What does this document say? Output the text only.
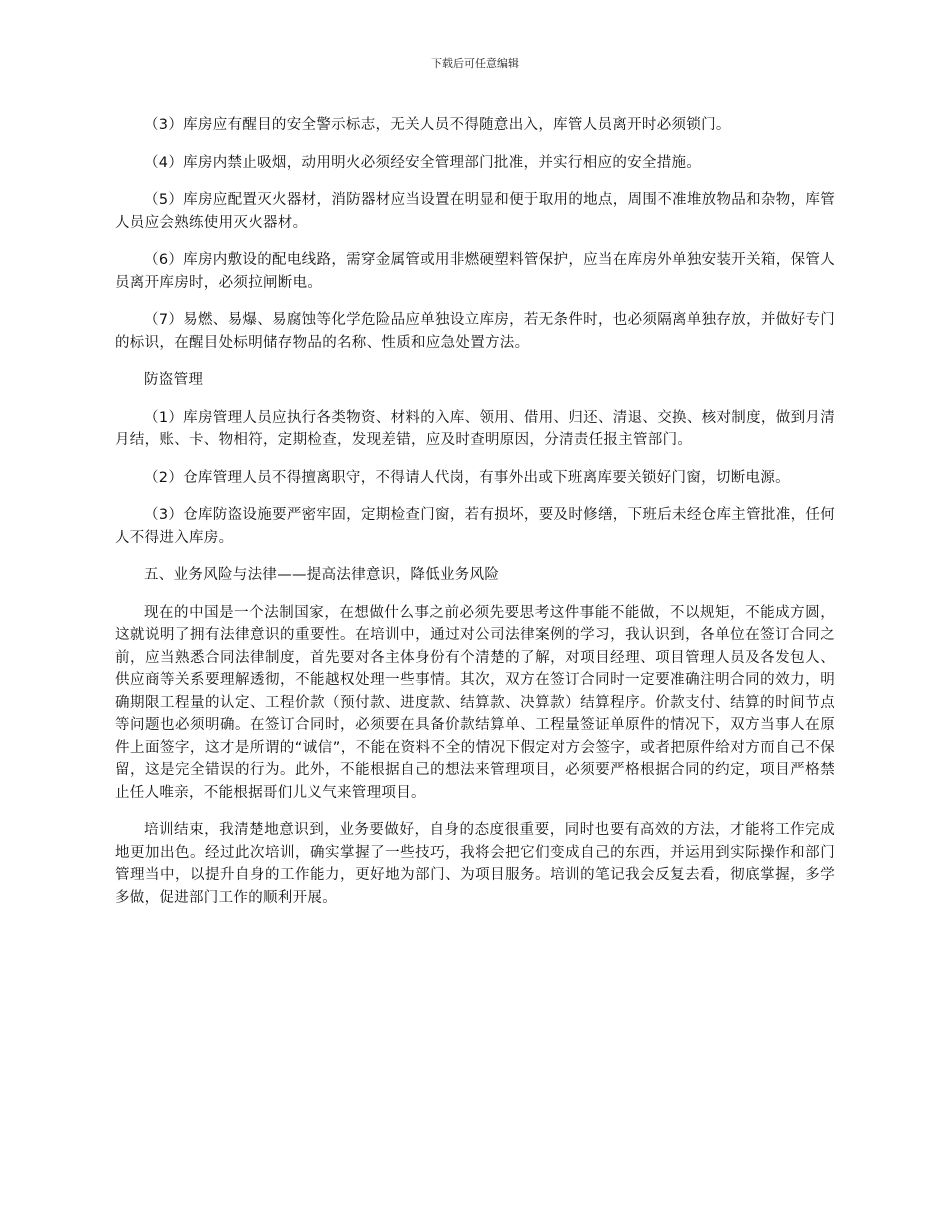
下载后可任意编辑

（3）库房应有醒目的安全警示标志，无关人员不得随意出入，库管人员离开时必须锁门。

（4）库房内禁止吸烟，动用明火必须经安全管理部门批准，并实行相应的安全措施。

（5）库房应配置灭火器材，消防器材应当设置在明显和便于取用的地点，周围不准堆放物品和杂物，库管人员应会熟练使用灭火器材。

（6）库房内敷设的配电线路，需穿金属管或用非燃硬塑料管保护，应当在库房外单独安装开关箱，保管人员离开库房时，必须拉闸断电。

（7）易燃、易爆、易腐蚀等化学危险品应单独设立库房，若无条件时，也必须隔离单独存放，并做好专门的标识，在醒目处标明储存物品的名称、性质和应急处置方法。

防盗管理

（1）库房管理人员应执行各类物资、材料的入库、领用、借用、归还、清退、交换、核对制度，做到月清月结，账、卡、物相符，定期检查，发现差错，应及时查明原因，分清责任报主管部门。

（2）仓库管理人员不得擅离职守，不得请人代岗，有事外出或下班离库要关锁好门窗，切断电源。

（3）仓库防盗设施要严密牢固，定期检查门窗，若有损坏，要及时修缮，下班后未经仓库主管批准，任何人不得进入库房。

五、业务风险与法律——提高法律意识，降低业务风险

现在的中国是一个法制国家，在想做什么事之前必须先要思考这件事能不能做，不以规矩，不能成方圆，这就说明了拥有法律意识的重要性。在培训中，通过对公司法律案例的学习，我认识到，各单位在签订合同之前，应当熟悉合同法律制度，首先要对各主体身份有个清楚的了解，对项目经理、项目管理人员及各发包人、供应商等关系要理解透彻，不能越权处理一些事情。其次，双方在签订合同时一定要准确注明合同的效力，明确期限工程量的认定、工程价款（预付款、进度款、结算款、决算款）结算程序。价款支付、结算的时间节点等问题也必须明确。在签订合同时，必须要在具备价款结算单、工程量签证单原件的情况下，双方当事人在原件上面签字，这才是所谓的“诚信”，不能在资料不全的情况下假定对方会签字，或者把原件给对方而自己不保留，这是完全错误的行为。此外，不能根据自己的想法来管理项目，必须要严格根据合同的约定，项目严格禁止任人唯亲，不能根据哥们儿义气来管理项目。

培训结束，我清楚地意识到，业务要做好，自身的态度很重要，同时也要有高效的方法，才能将工作完成地更加出色。经过此次培训，确实掌握了一些技巧，我将会把它们变成自己的东西，并运用到实际操作和部门管理当中，以提升自身的工作能力，更好地为部门、为项目服务。培训的笔记我会反复去看，彻底掌握，多学多做，促进部门工作的顺利开展。
